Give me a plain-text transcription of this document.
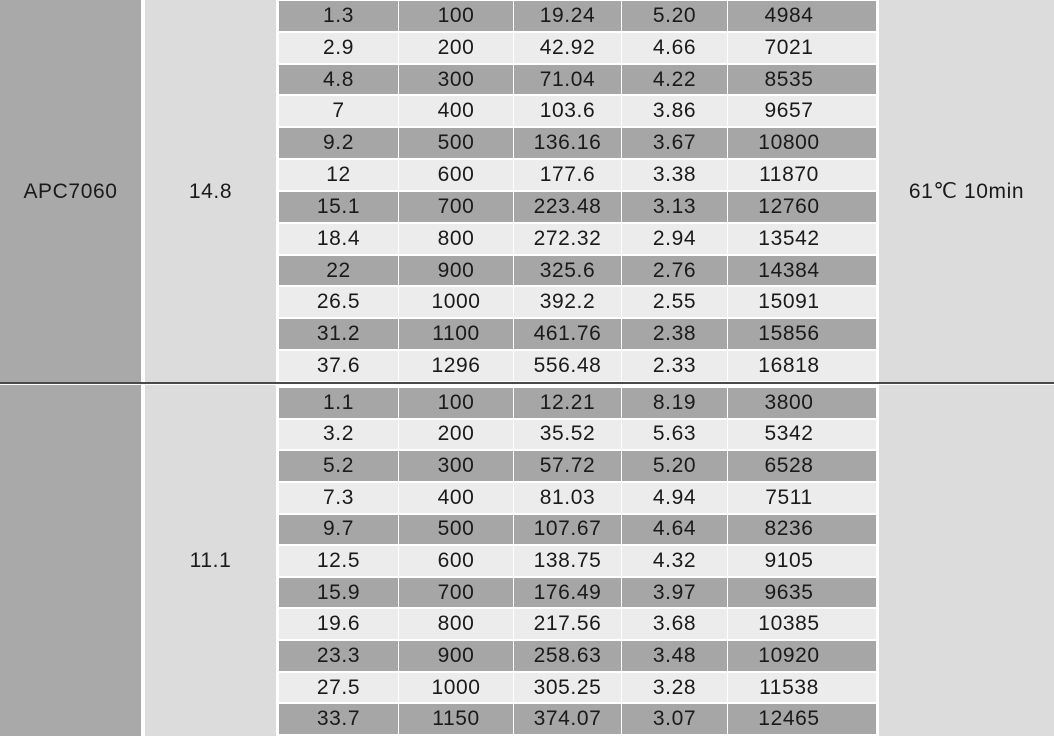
APC7060	14.8
1.3	100	19.24	5.20	4984
2.9	200	42.92	4.66	7021
4.8	300	71.04	4.22	8535
7	400	103.6	3.86	9657
9.2	500	136.16	3.67	10800
12	600	177.6	3.38	11870
15.1	700	223.48	3.13	12760
18.4	800	272.32	2.94	13542
22	900	325.6	2.76	14384
26.5	1000	392.2	2.55	15091
31.2	1100	461.76	2.38	15856
37.6	1296	556.48	2.33	16818
61℃ 10min
11.1
1.1	100	12.21	8.19	3800
3.2	200	35.52	5.63	5342
5.2	300	57.72	5.20	6528
7.3	400	81.03	4.94	7511
9.7	500	107.67	4.64	8236
12.5	600	138.75	4.32	9105
15.9	700	176.49	3.97	9635
19.6	800	217.56	3.68	10385
23.3	900	258.63	3.48	10920
27.5	1000	305.25	3.28	11538
33.7	1150	374.07	3.07	12465
